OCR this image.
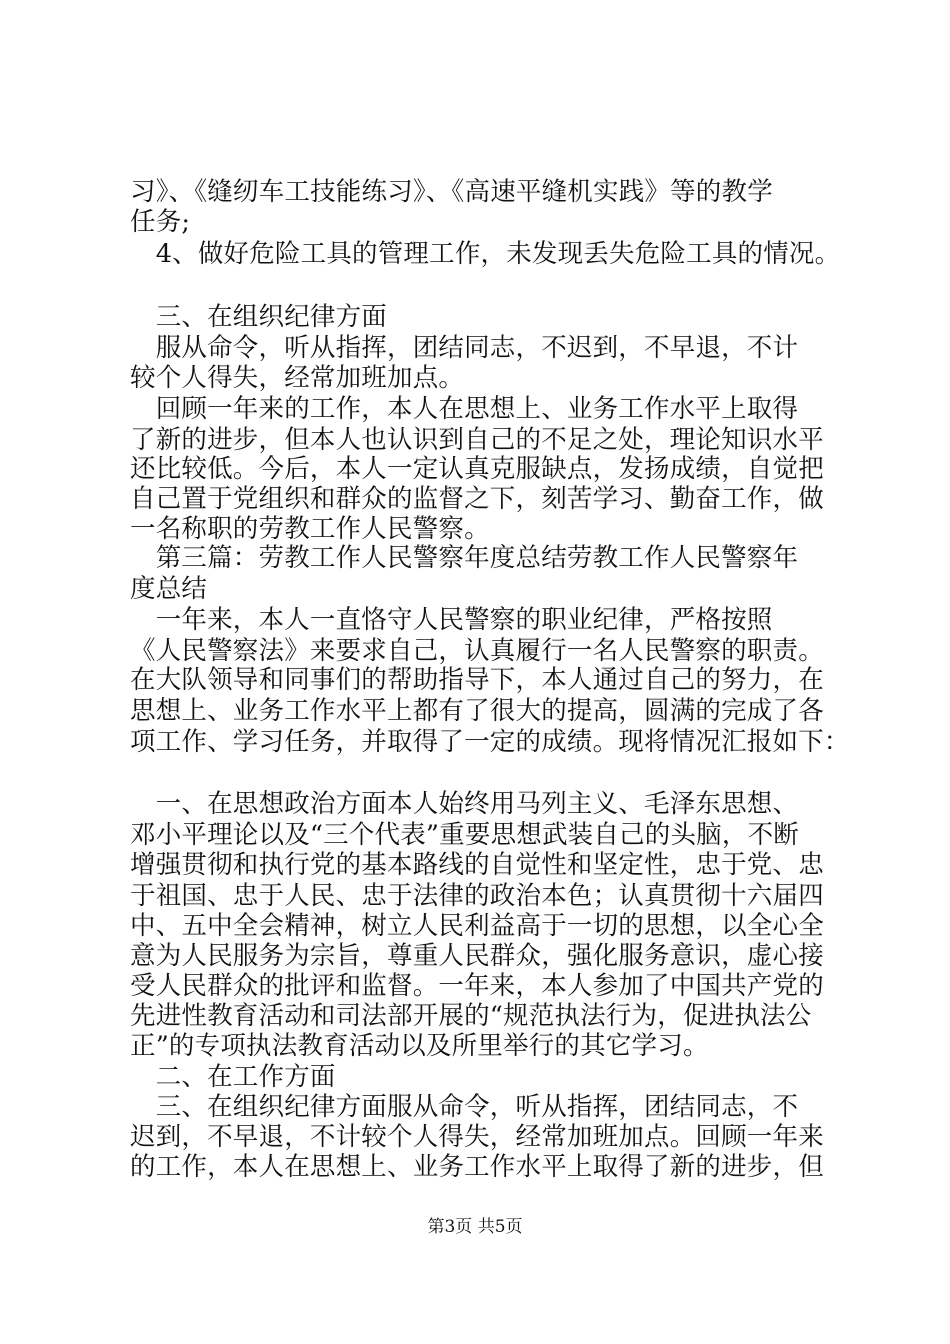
习》、《缝纫车工技能练习》、《高速平缝机实践》等的教学
任务;
　4、做好危险工具的管理工作，未发现丢失危险工具的情况。
　三、在组织纪律方面
　服从命令，听从指挥，团结同志，不迟到，不早退，不计
较个人得失，经常加班加点。
　回顾一年来的工作，本人在思想上、业务工作水平上取得
了新的进步，但本人也认识到自己的不足之处，理论知识水平
还比较低。今后，本人一定认真克服缺点，发扬成绩，自觉把
自己置于党组织和群众的监督之下，刻苦学习、勤奋工作，做
一名称职的劳教工作人民警察。
　第三篇：劳教工作人民警察年度总结劳教工作人民警察年
度总结
　一年来，本人一直恪守人民警察的职业纪律，严格按照
《人民警察法》来要求自己，认真履行一名人民警察的职责。
在大队领导和同事们的帮助指导下，本人通过自己的努力，在
思想上、业务工作水平上都有了很大的提高，圆满的完成了各
项工作、学习任务，并取得了一定的成绩。现将情况汇报如下：
　一、在思想政治方面本人始终用马列主义、毛泽东思想、
邓小平理论以及“三个代表”重要思想武装自己的头脑，不断
增强贯彻和执行党的基本路线的自觉性和坚定性，忠于党、忠
于祖国、忠于人民、忠于法律的政治本色；认真贯彻十六届四
中、五中全会精神，树立人民利益高于一切的思想，以全心全
意为人民服务为宗旨，尊重人民群众，强化服务意识，虚心接
受人民群众的批评和监督。一年来，本人参加了中国共产党的
先进性教育活动和司法部开展的“规范执法行为，促进执法公
正”的专项执法教育活动以及所里举行的其它学习。
　二、在工作方面
　三、在组织纪律方面服从命令，听从指挥，团结同志，不
迟到，不早退，不计较个人得失，经常加班加点。回顾一年来
的工作，本人在思想上、业务工作水平上取得了新的进步，但
第3页 共5页
